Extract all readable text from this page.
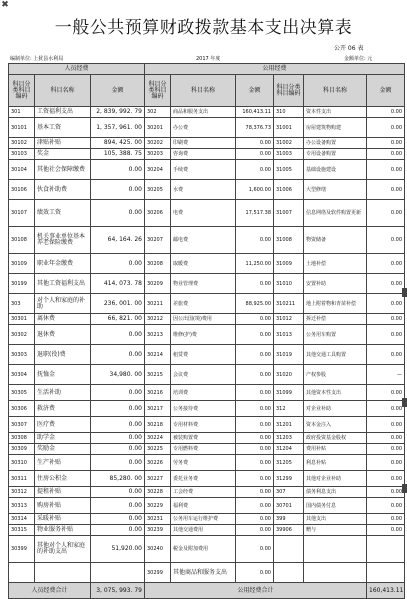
✖
一般公共预算财政拨款基本支出决算表
公开 06 表
编制单位: 上犹县水利局	2017 年度	金额单位: 元
人员经费			公用经费					
科目分类科目编码	科目名称	金额	科目分类科目编码	科目名称	金额	科目分类科目编码	科目名称	金额
301	工资福利支出	2, 839, 992. 79	302	商品和服务支出	160,413.11	310	资本性支出	0.00
30101	基本工资	1, 357, 961. 00	30201	办公费	78,376.73	31001	房屋建筑物购建	0.00
30102	津贴补贴	894, 425. 00	30202	印刷费	0.00	31002	办公设备购置	0.00
30103	奖金	105, 388. 75	30203	咨询费	0.00	31003	专用设备购置	0.00
30104	其他社会保障缴费	0.00	30204	手续费	0.00	31005	基础设施建设	0.00
30106	伙食补助费	0.00	30205	水费	1,600.00	31006	大型修缮	0.00
30107	绩效工资	0.00	30206	电费	17,517.38	31007	信息网络及软件购置更新	0.00
30108	机关事业单位基本养老保险缴费	64, 164. 26	30207	邮电费	0.00	31008	物资储备	0.00
30109	职业年金缴费	0.00	30208	取暖费	11,250.00	31009	土地补偿	0.00
30199	其他工资福利支出	414, 073. 78	30209	物业管理费	0.00	31010	安置补助	0.00
303	对个人和家庭的补助	236, 001. 00	30211	差旅费	88,925.00	310211	地上附着物和青苗补偿	0.00
30301	离休费	66, 821. 00	30212	因公出国(境)费用	0.00	31012	拆迁补偿	0.00
30302	退休费	0.00	30213	维修(护)费	0.00	31013	公务用车购置	0.00
30303	退职(役)费	0.00	30214	租赁费	0.00	31019	其他交通工具购置	0.00
30304	抚恤金	34,980. 00	30215	会议费	0.00	31020	产权参股	—
30305	生活补助	0.00	30216	培训费	0.00	31099	其他资本性支出	0.00
30306	救济费	0.00	30217	公务接待费	0.00	312	对企业补助	0.00
30307	医疗费	0.00	30218	专用材料费	0.00	31201	资本金注入	0.00
30308	助学金	0.00	30224	被装购置费	0.00	31203	政府投资基金股权	0.00
30309	奖励金	0.00	30225	专用燃料费	0.00	31204	费用补贴	0.00
30310	生产补贴	0.00	30226	劳务费	0.00	31205	利息补贴	0.00
30311	住房公积金	85,280. 00	30227	委托业务费	0.00	31299	其他对企业补助	0.00
30312	提租补贴	0.00	30228	工会经费	0.00	307	债务利息支出	0.00
30313	购房补贴	0.00	30229	福利费	0.00	30701	国内债务付息	0.00
30314	采暖补贴	0.00	30231	公务用车运行维护费	0.00	399	其他支出	0.00
30315	物业服务补贴	0.00	30239	其他交通费用	0.00	39906	赠与	0.00
30399	其他对个人和家庭的补助支出	51,920.00	30240	税金及附加费用	0.00			
			30299	其他商品和服务支出	0.00			
人员经费合计		3, 075, 993. 79	公用经费合计					160,413.11
